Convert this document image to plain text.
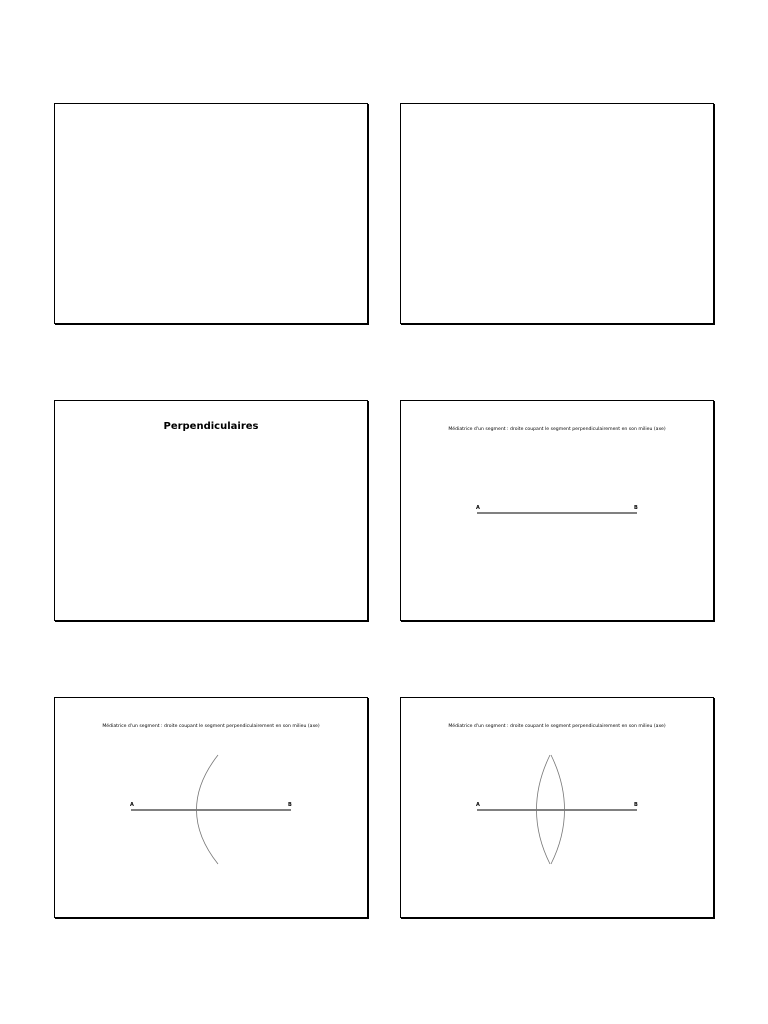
Perpendiculaires	Médiatrice d'un segment : droite coupant le segment perpendiculairement en son milieu (axe)
A	B
Médiatrice d'un segment : droite coupant le segment perpendiculairement en son milieu (axe)
A	B
Médiatrice d'un segment : droite coupant le segment perpendiculairement en son milieu (axe)
A	B
